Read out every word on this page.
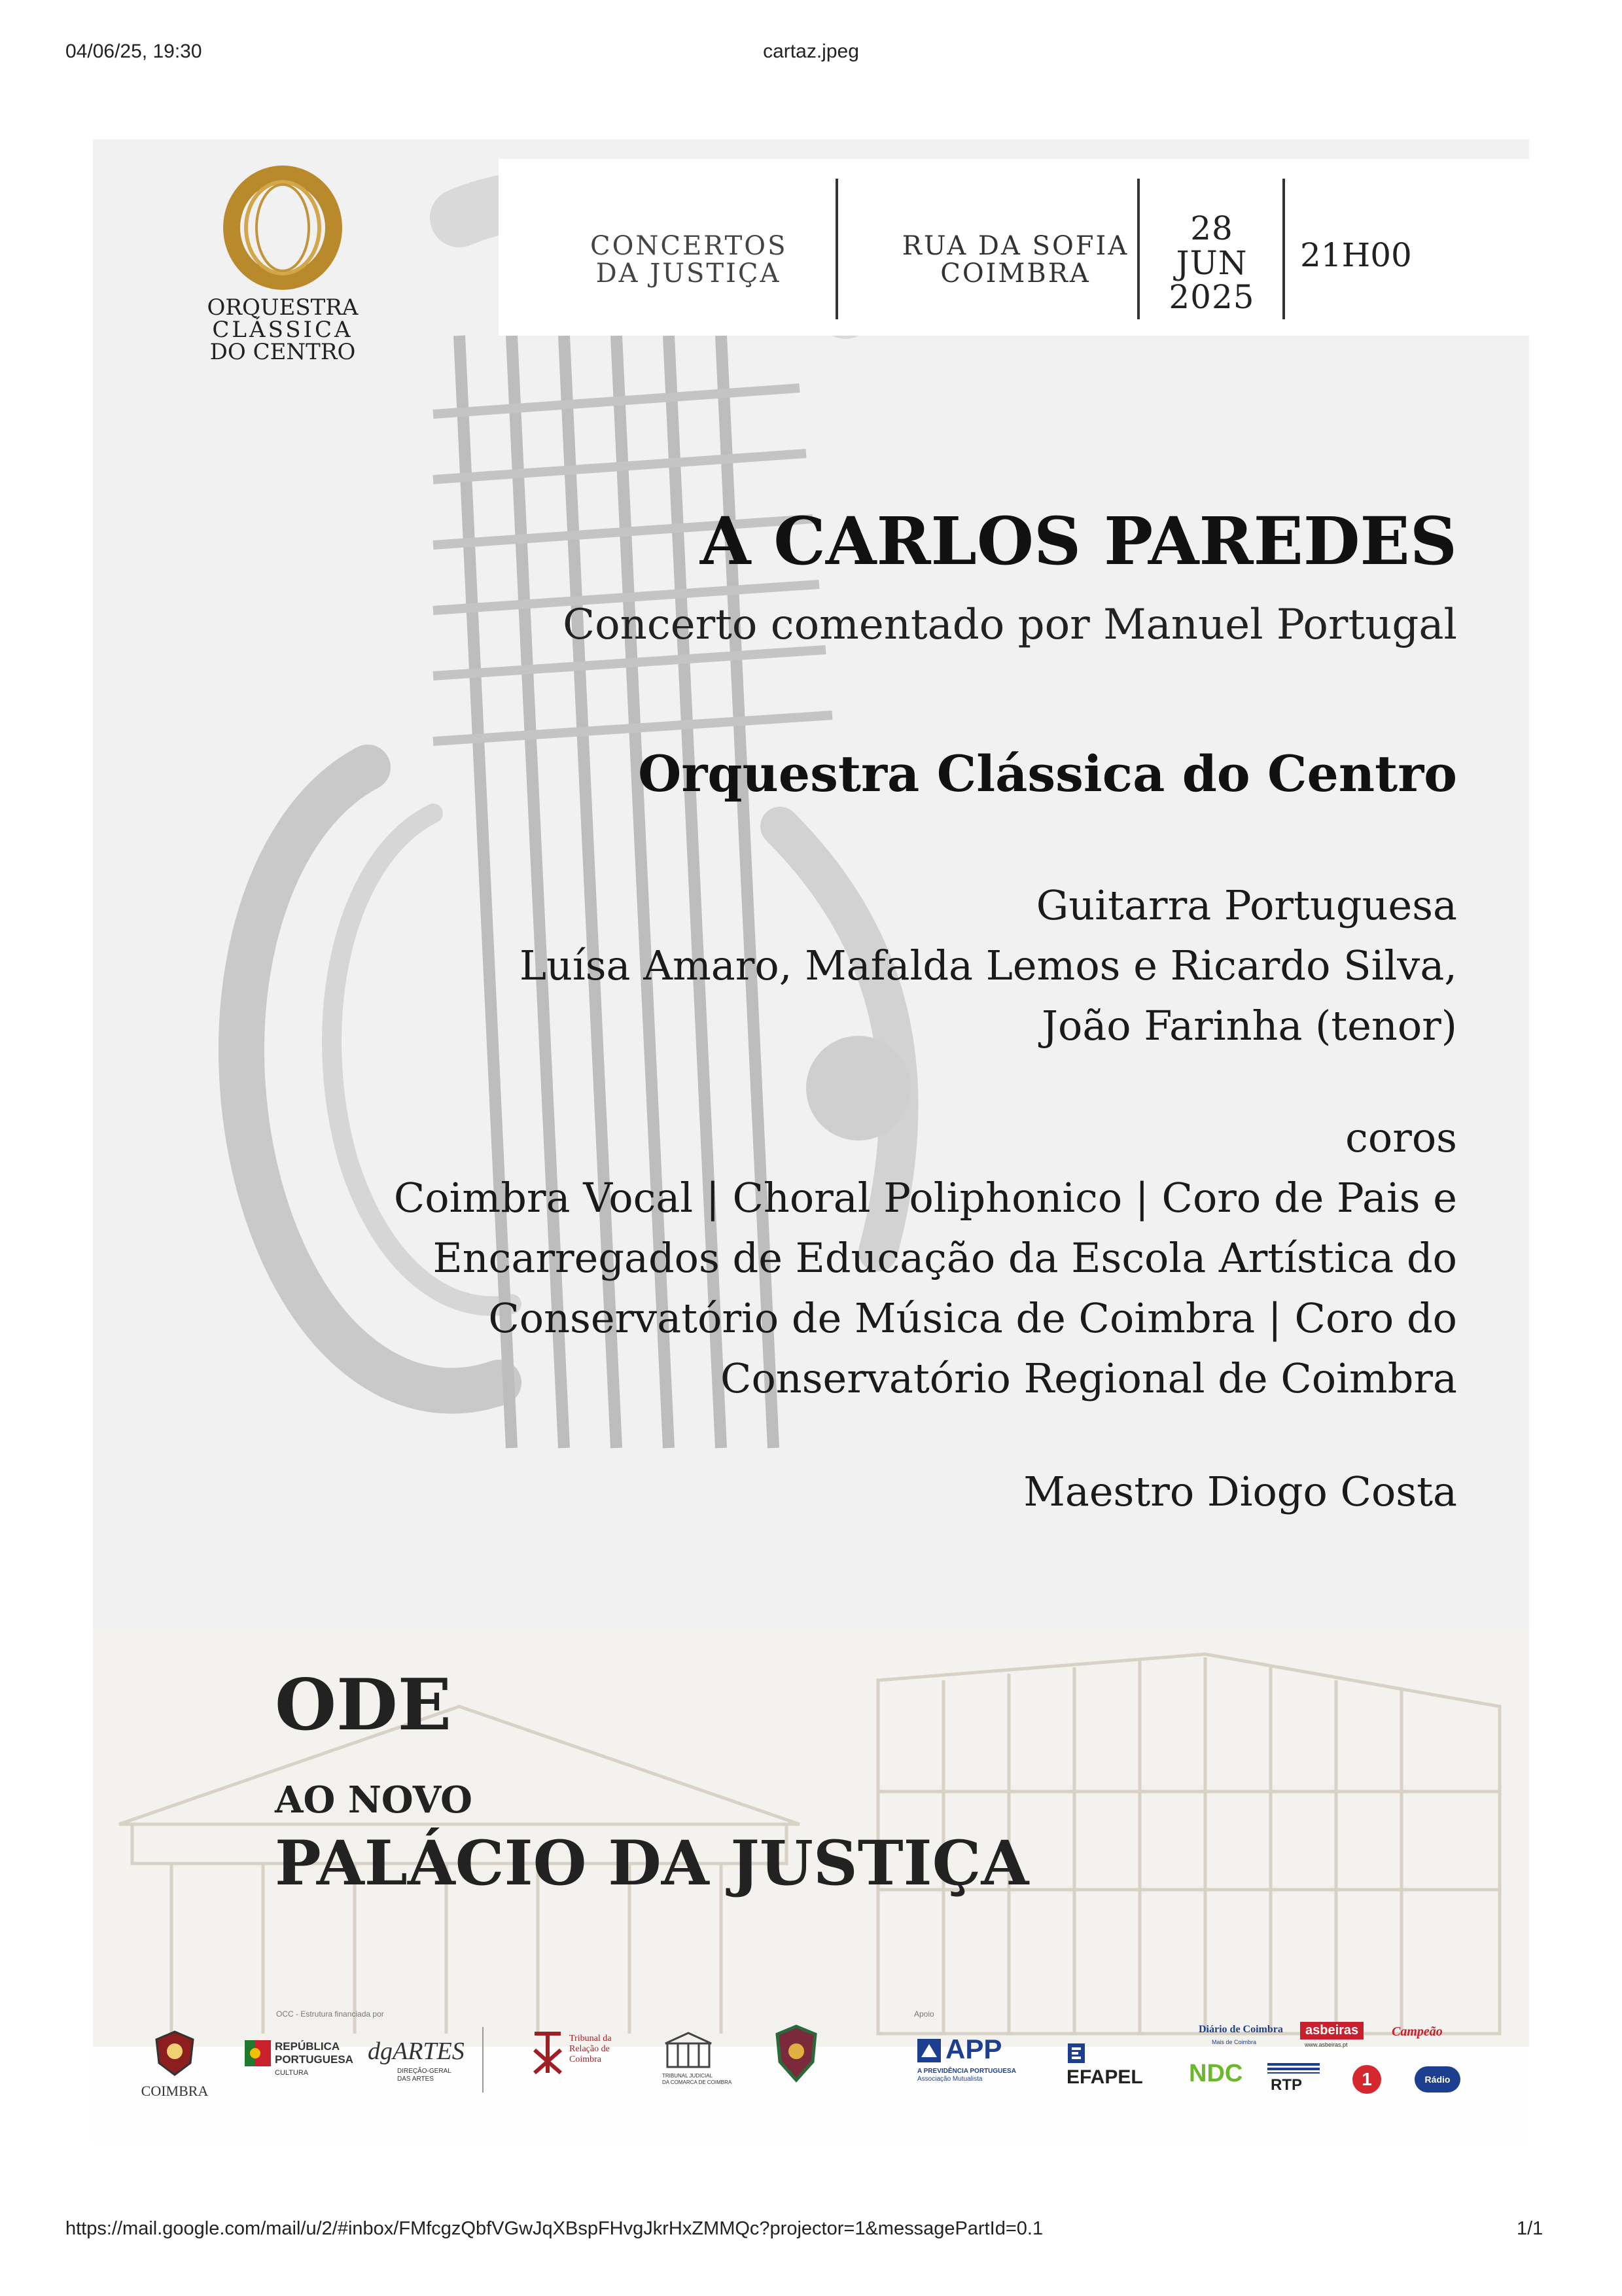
04/06/25, 19:30	cartaz.jpeg
ORQUESTRA
CLÁSSICA
DO CENTRO
CONCERTOS
DA JUSTIÇA
RUA DA SOFIA
COIMBRA
28
JUN
2025
21H00
A CARLOS PAREDES
Concerto comentado por Manuel Portugal
Orquestra Clássica do Centro
Guitarra Portuguesa
Luísa Amaro, Mafalda Lemos e Ricardo Silva,
João Farinha (tenor)
coros
Coimbra Vocal | Choral Poliphonico | Coro de Pais e
Encarregados de Educação da Escola Artística do
Conservatório de Música de Coimbra | Coro do
Conservatório Regional de Coimbra
Maestro Diogo Costa
ODE
AO NOVO
PALÁCIO DA JUSTIÇA
COIMBRA
OCC - Estrutura financiada por
REPÚBLICA
PORTUGUESA
CULTURA
dgARTES
DIREÇÃO-GERAL
DAS ARTES
Tribunal da
Relação de
Coimbra
TRIBUNAL JUDICIAL
DA COMARCA DE COIMBRA
Apoio
APP
A PREVIDÊNCIA PORTUGUESA
Associação Mutualista	EFAPEL
Diário de Coimbra
Mais de Coimbra
asbeiras
www.asbeiras.pt
Campeão
NDC RTP	1	Rádio
https://mail.google.com/mail/u/2/#inbox/FMfcgzQbfVGwJqXBspFHvgJkrHxZMMQc?projector=1&messagePartId=0.1	1/1
